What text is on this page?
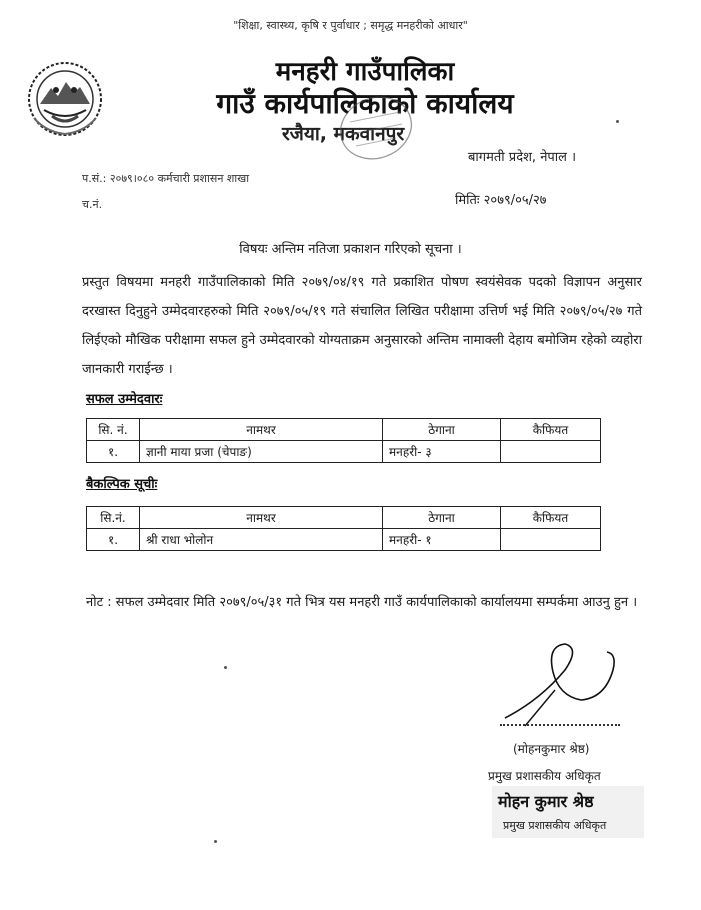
"शिक्षा, स्वास्थ्य, कृषि र पुर्वाधार ; समृद्ध मनहरीको आधार"
मनहरी गाउँपालिका
गाउँ कार्यपालिकाको कार्यालय
रजैया, मकवानपुर
बागमती प्रदेश, नेपाल ।
प.सं.: २०७९।०८० कर्मचारी प्रशासन शाखा
च.नं.	मितिः २०७९/०५/२७
विषयः अन्तिम नतिजा प्रकाशन गरिएको सूचना ।
प्रस्तुत विषयमा मनहरी गाउँपालिकाको मिति २०७९/०४/१९ गते प्रकाशित पोषण स्वयंसेवक पदको विज्ञापन अनुसार दरखास्त दिनुहुने उम्मेदवारहरुको मिति २०७९/०५/१९ गते संचालित लिखित परीक्षामा उत्तिर्ण भई मिति २०७९/०५/२७ गते लिईएको मौखिक परीक्षामा सफल हुने उम्मेदवारको योग्यताक्रम अनुसारको अन्तिम नामाक्ली देहाय बमोजिम रहेको व्यहोरा जानकारी गराईन्छ ।
सफल उम्मेदवारः
सि. नं.	नामथर	ठेगाना	कैफियत
१.	ज्ञानी माया प्रजा (चेपाङ)	मनहरी- ३	
बैकल्पिक सूचीः
सि.नं.	नामथर	ठेगाना	कैफियत
१.	श्री राधा भोलोन	मनहरी- १	
नोट : सफल उम्मेदवार मिति २०७९/०५/३१ गते भित्र यस मनहरी गाउँ कार्यपालिकाको कार्यालयमा सम्पर्कमा आउनु हुन ।
(मोहनकुमार श्रेष्ठ)
प्रमुख प्रशासकीय अधिकृत
मोहन कुमार श्रेष्ठ
प्रमुख प्रशासकीय अधिकृत
